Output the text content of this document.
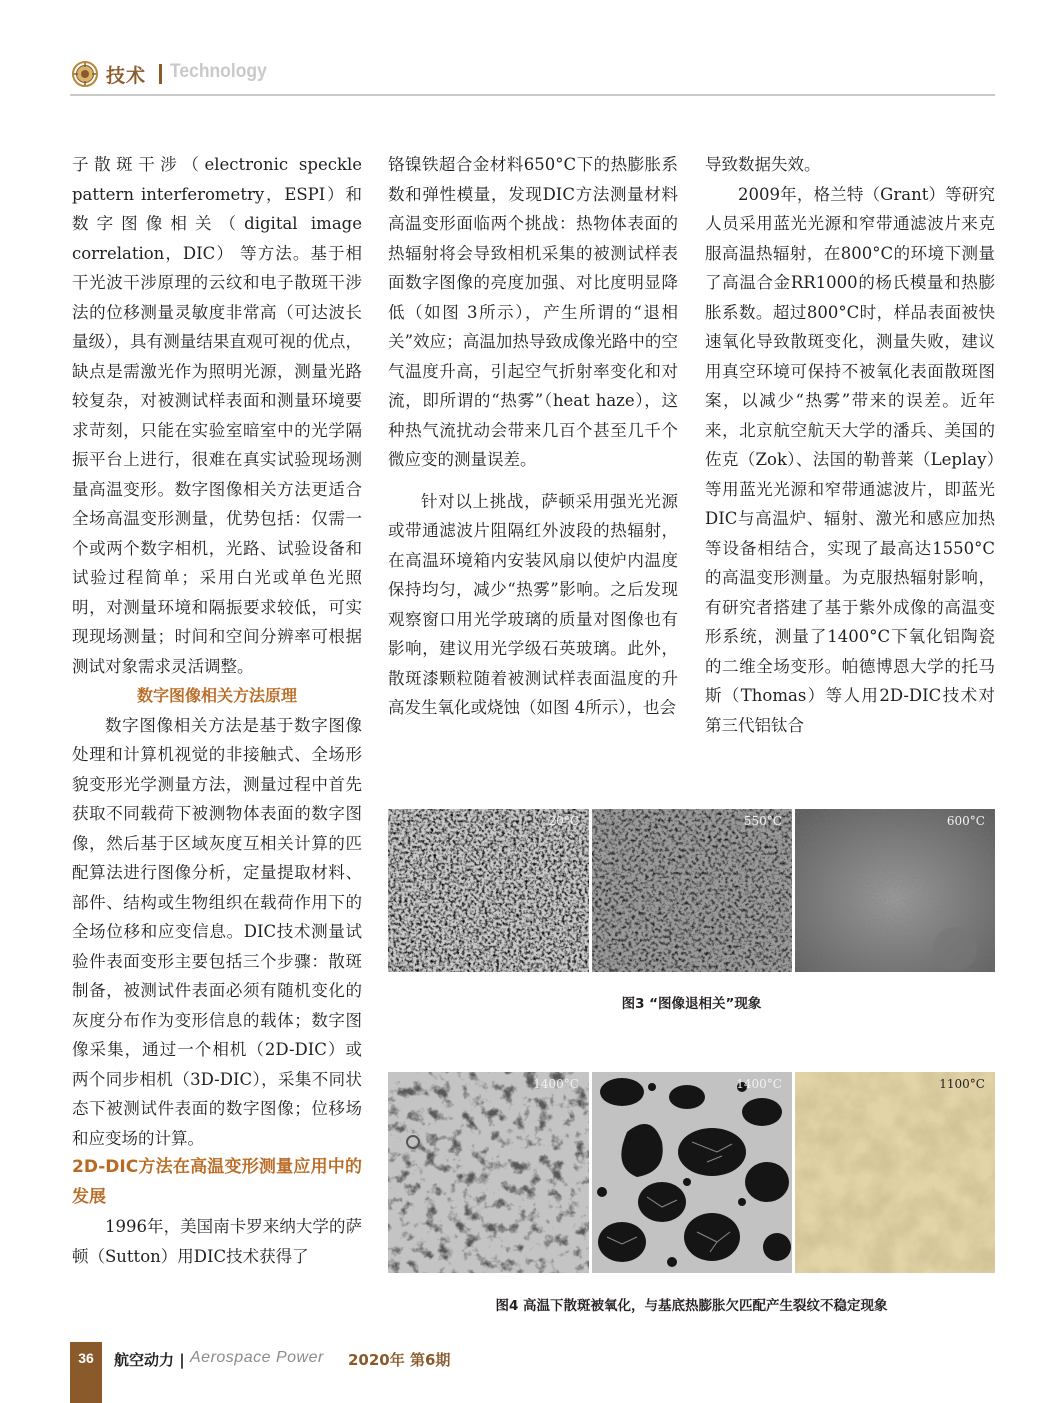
技术 Technology

子散斑干涉（electronic speckle pattern interferometry，ESPI）和数字图像相关（digital image correlation，DIC） 等方法。基于相干光波干涉原理的云纹和电子散斑干涉法的位移测量灵敏度非常高（可达波长量级），具有测量结果直观可视的优点，缺点是需激光作为照明光源，测量光路较复杂，对被测试样表面和测量环境要求苛刻，只能在实验室暗室中的光学隔振平台上进行，很难在真实试验现场测量高温变形。数字图像相关方法更适合全场高温变形测量，优势包括：仅需一个或两个数字相机，光路、试验设备和试验过程简单；采用白光或单色光照明，对测量环境和隔振要求较低，可实现现场测量；时间和空间分辨率可根据测试对象需求灵活调整。

数字图像相关方法原理

数字图像相关方法是基于数字图像处理和计算机视觉的非接触式、全场形貌变形光学测量方法，测量过程中首先获取不同载荷下被测物体表面的数字图像，然后基于区域灰度互相关计算的匹配算法进行图像分析，定量提取材料、部件、结构或生物组织在载荷作用下的全场位移和应变信息。DIC技术测量试验件表面变形主要包括三个步骤：散斑制备，被测试件表面必须有随机变化的灰度分布作为变形信息的载体；数字图像采集，通过一个相机（2D-DIC）或两个同步相机（3D-DIC），采集不同状态下被测试件表面的数字图像；位移场和应变场的计算。

2D-DIC方法在高温变形测量应用中的发展

1996年，美国南卡罗来纳大学的萨顿（Sutton）用DIC技术获得了

铬镍铁超合金材料650°C下的热膨胀系数和弹性模量，发现DIC方法测量材料高温变形面临两个挑战：热物体表面的热辐射将会导致相机采集的被测试样表面数字图像的亮度加强、对比度明显降低（如图 3所示），产生所谓的“退相关”效应；高温加热导致成像光路中的空气温度升高，引起空气折射率变化和对流，即所谓的“热雾”（heat haze），这种热气流扰动会带来几百个甚至几千个微应变的测量误差。

针对以上挑战，萨顿采用强光光源或带通滤波片阻隔红外波段的热辐射，在高温环境箱内安装风扇以使炉内温度保持均匀，减少“热雾”影响。之后发现观察窗口用光学玻璃的质量对图像也有影响，建议用光学级石英玻璃。此外，散斑漆颗粒随着被测试样表面温度的升高发生氧化或烧蚀（如图 4所示），也会

导致数据失效。

2009年，格兰特（Grant）等研究人员采用蓝光光源和窄带通滤波片来克服高温热辐射，在800°C的环境下测量了高温合金RR1000的杨氏模量和热膨胀系数。超过800°C时，样品表面被快速氧化导致散斑变化，测量失败，建议用真空环境可保持不被氧化表面散斑图案，以减少“热雾”带来的误差。近年来，北京航空航天大学的潘兵、美国的佐克（Zok）、法国的勒普莱（Leplay）等用蓝光光源和窄带通滤波片，即蓝光DIC与高温炉、辐射、激光和感应加热等设备相结合，实现了最高达1550°C的高温变形测量。为克服热辐射影响，有研究者搭建了基于紫外成像的高温变形系统，测量了1400°C下氧化铝陶瓷的二维全场变形。帕德博恩大学的托马斯（Thomas）等人用2D-DIC技术对第三代铝钛合

20°C	550°C	600°C
图3 “图像退相关”现象
1400°C	1400°C	1100°C
图4 高温下散斑被氧化，与基底热膨胀欠匹配产生裂纹不稳定现象
36	航空动力 | Aerospace Power 2020年 第6期
